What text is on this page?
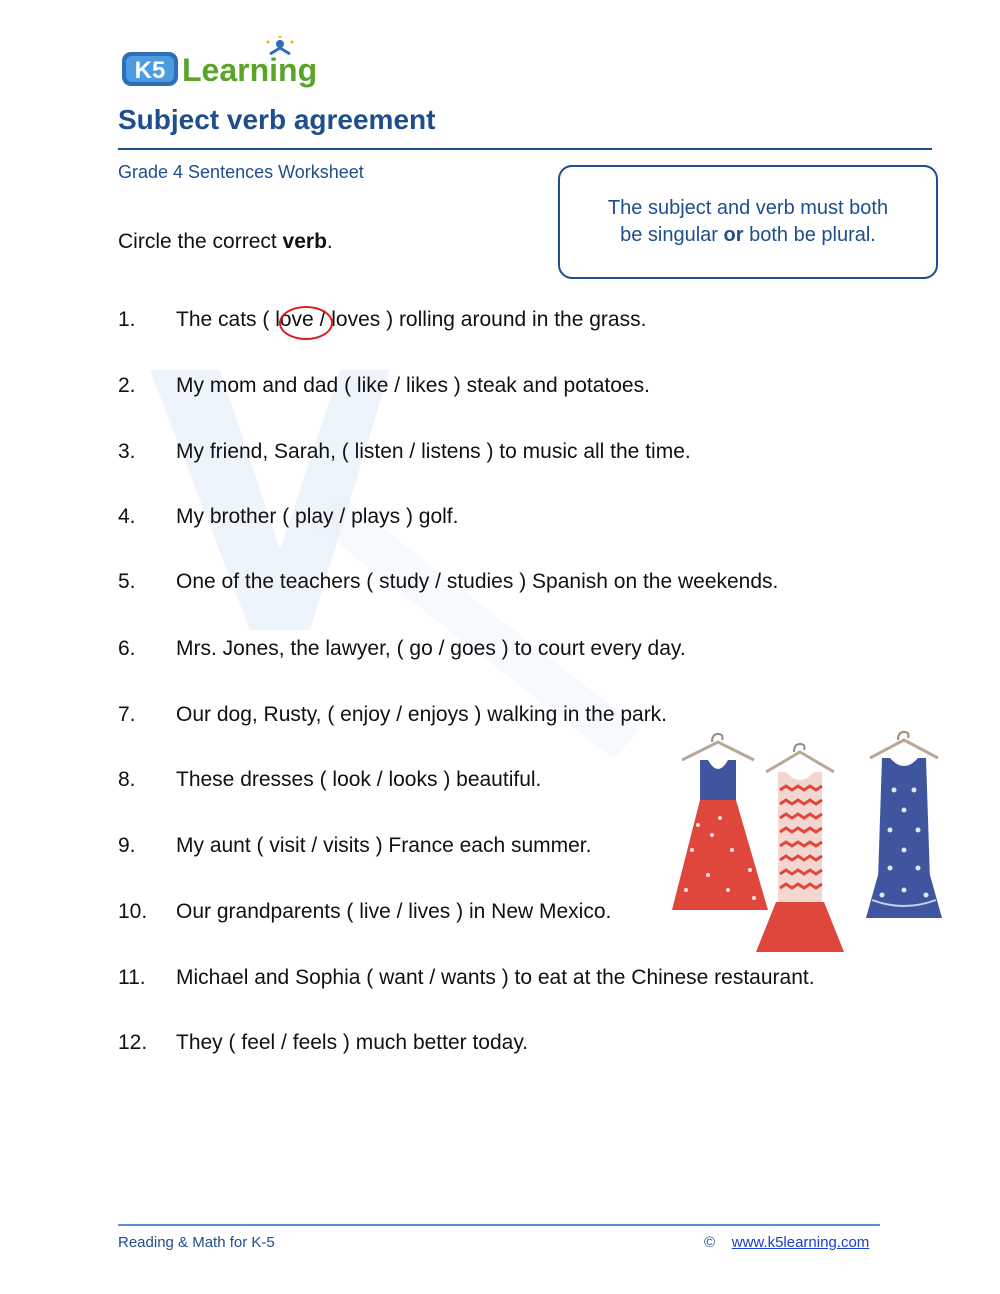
K5 Learning
Subject verb agreement
Grade 4 Sentences Worksheet
Circle the correct verb.
The subject and verb must both
be singular or both be plural.
1. The cats ( love / loves ) rolling around in the grass.
2. My mom and dad ( like / likes ) steak and potatoes.
3. My friend, Sarah, ( listen / listens ) to music all the time.
4. My brother ( play / plays ) golf.
5. One of the teachers ( study / studies ) Spanish on the weekends.
6. Mrs. Jones, the lawyer, ( go / goes ) to court every day.
7. Our dog, Rusty, ( enjoy / enjoys ) walking in the park.
8. These dresses ( look / looks ) beautiful.
9. My aunt ( visit / visits ) France each summer.
10. Our grandparents ( live / lives ) in New Mexico.
11. Michael and Sophia ( want / wants ) to eat at the Chinese restaurant.
12. They ( feel / feels ) much better today.
Reading & Math for K-5	© www.k5learning.com
